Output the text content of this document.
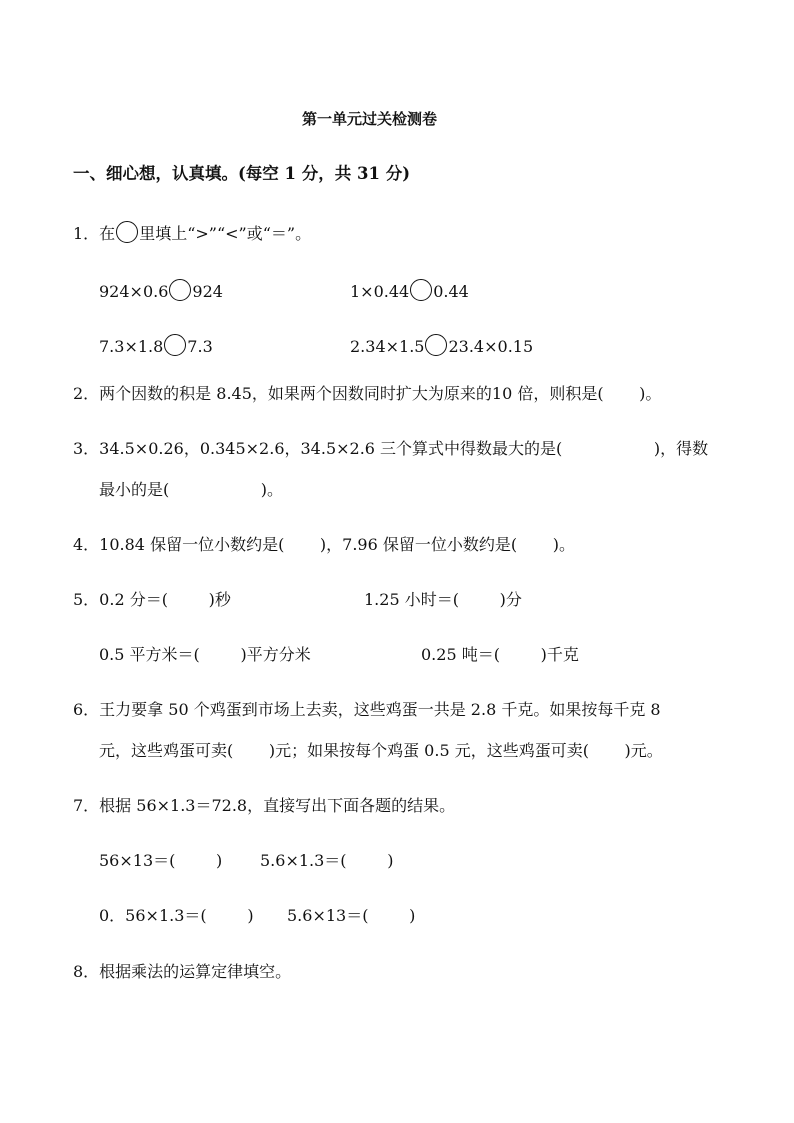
第一单元过关检测卷
一、细心想，认真填。(每空 1 分，共 31 分)
1．在 里填上“>”“<”或“＝”。
924×0.6 924	1×0.44 0.44
7.3×1.8 7.3	2.34×1.5 23.4×0.15
2．两个因数的积是 8.45，如果两个因数同时扩大为原来的10 倍，则积是(       )。
3．34.5×0.26，0.345×2.6，34.5×2.6 三个算式中得数最大的是(                  )，得数
最小的是(                  )。
4．10.84 保留一位小数约是(       )，7.96 保留一位小数约是(       )。
5．0.2 分＝(        )秒	1.25 小时＝(        )分
0.5 平方米＝(        )平方分米	0.25 吨＝(        )千克
6．王力要拿 50 个鸡蛋到市场上去卖，这些鸡蛋一共是 2.8 千克。如果按每千克 8
元，这些鸡蛋可卖(       )元；如果按每个鸡蛋 0.5 元，这些鸡蛋可卖(       )元。
7．根据 56×1.3＝72.8，直接写出下面各题的结果。
56×13＝(        ) 5.6×1.3＝(        )
0．56×1.3＝(        ) 5.6×13＝(        )
8．根据乘法的运算定律填空。
